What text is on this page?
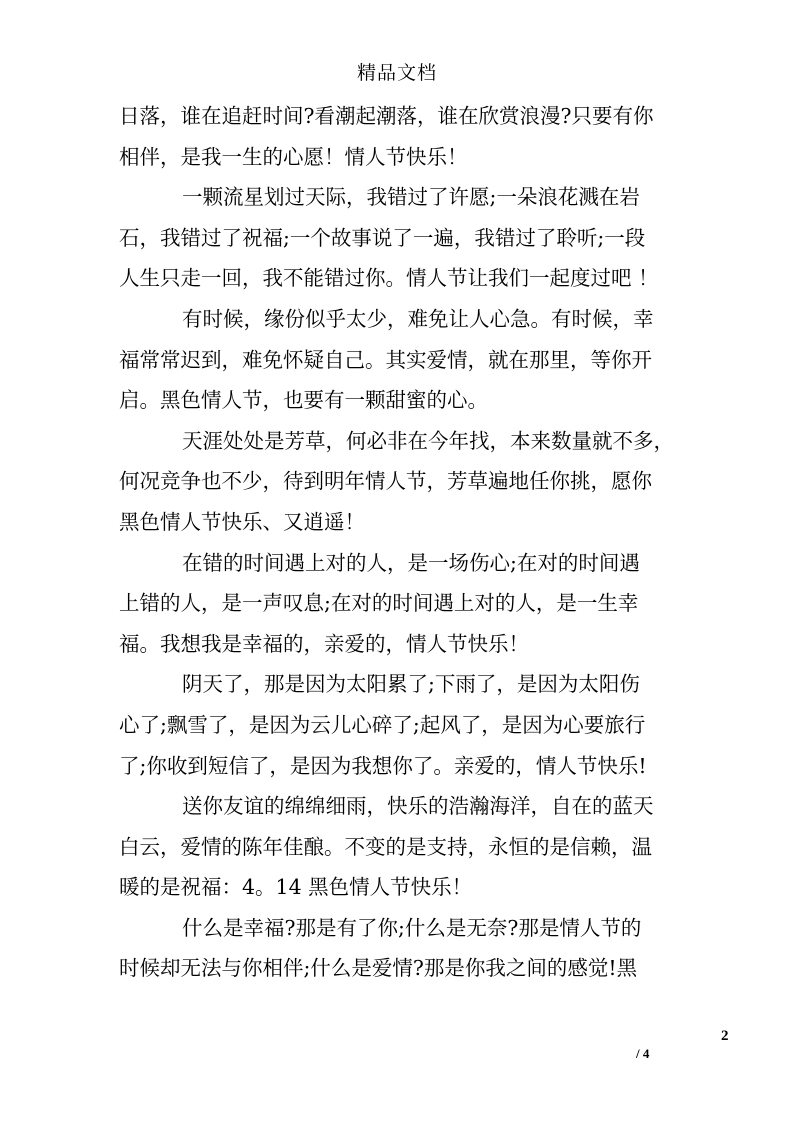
精品文档
日落，谁在追赶时间?看潮起潮落，谁在欣赏浪漫?只要有你
相伴，是我一生的心愿！情人节快乐！
一颗流星划过天际，我错过了许愿;一朵浪花溅在岩
石，我错过了祝福;一个故事说了一遍，我错过了聆听;一段
人生只走一回，我不能错过你。情人节让我们一起度过吧 ！
有时候，缘份似乎太少，难免让人心急。有时候，幸
福常常迟到，难免怀疑自己。其实爱情，就在那里，等你开
启。黑色情人节，也要有一颗甜蜜的心。
天涯处处是芳草，何必非在今年找，本来数量就不多，
何况竞争也不少，待到明年情人节，芳草遍地任你挑，愿你
黑色情人节快乐、又逍遥！
在错的时间遇上对的人，是一场伤心;在对的时间遇
上错的人，是一声叹息;在对的时间遇上对的人，是一生幸
福。我想我是幸福的，亲爱的，情人节快乐！
阴天了，那是因为太阳累了;下雨了，是因为太阳伤
心了;飘雪了，是因为云儿心碎了;起风了，是因为心要旅行
了;你收到短信了，是因为我想你了。亲爱的，情人节快乐!
送你友谊的绵绵细雨，快乐的浩瀚海洋，自在的蓝天
白云，爱情的陈年佳酿。不变的是支持，永恒的是信赖，温
暖的是祝福：4。14 黑色情人节快乐！
什么是幸福?那是有了你;什么是无奈?那是情人节的
时候却无法与你相伴;什么是爱情?那是你我之间的感觉!黑
2
/ 4
